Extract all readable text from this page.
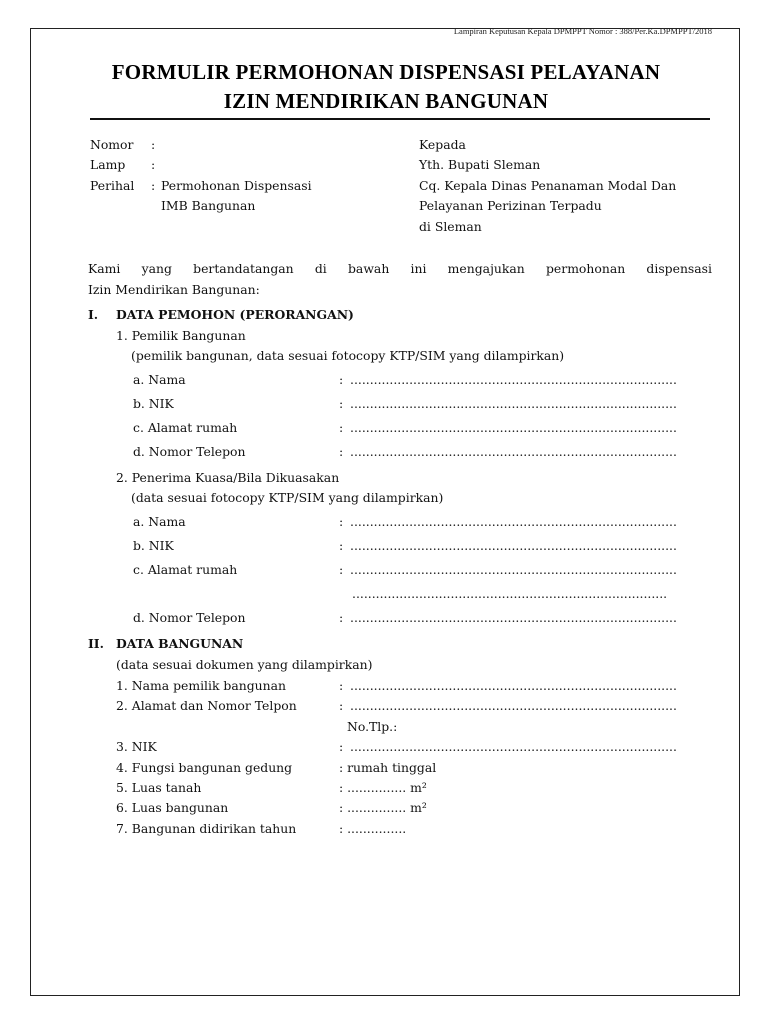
Lampiran Keputusan Kepala DPMPPT Nomor : 388/Per.Ka.DPMPPT/2018
FORMULIR PERMOHONAN DISPENSASI PELAYANAN
IZIN MENDIRIKAN BANGUNAN
Nomor :
Lamp :
Perihal : Permohonan Dispensasi
IMB Bangunan
Kepada
Yth. Bupati Sleman
Cq. Kepala Dinas Penanaman Modal Dan
Pelayanan Perizinan Terpadu
di Sleman
Kami yang bertandatangan di bawah ini mengajukan permohonan dispensasi
Izin Mendirikan Bangunan:
I. DATA PEMOHON (PERORANGAN)
1. Pemilik Bangunan
(pemilik bangunan, data sesuai fotocopy KTP/SIM yang dilampirkan)
a. Nama	: ...................................................................................
b. NIK	: ...................................................................................
c. Alamat rumah	: ...................................................................................
d. Nomor Telepon	: ...................................................................................
2. Penerima Kuasa/Bila Dikuasakan
(data sesuai fotocopy KTP/SIM yang dilampirkan)
a. Nama	: ...................................................................................
b. NIK	: ...................................................................................
c. Alamat rumah	: ...................................................................................
................................................................................
d. Nomor Telepon	: ...................................................................................
II. DATA BANGUNAN
(data sesuai dokumen yang dilampirkan)
1. Nama pemilik bangunan	: ...................................................................................
2. Alamat dan Nomor Telpon	: ...................................................................................
No.Tlp.:
3. NIK	: ...................................................................................
4. Fungsi bangunan gedung	: rumah tinggal
5. Luas tanah	: ............... m²
6. Luas bangunan	: ............... m²
7. Bangunan didirikan tahun	: ...............
